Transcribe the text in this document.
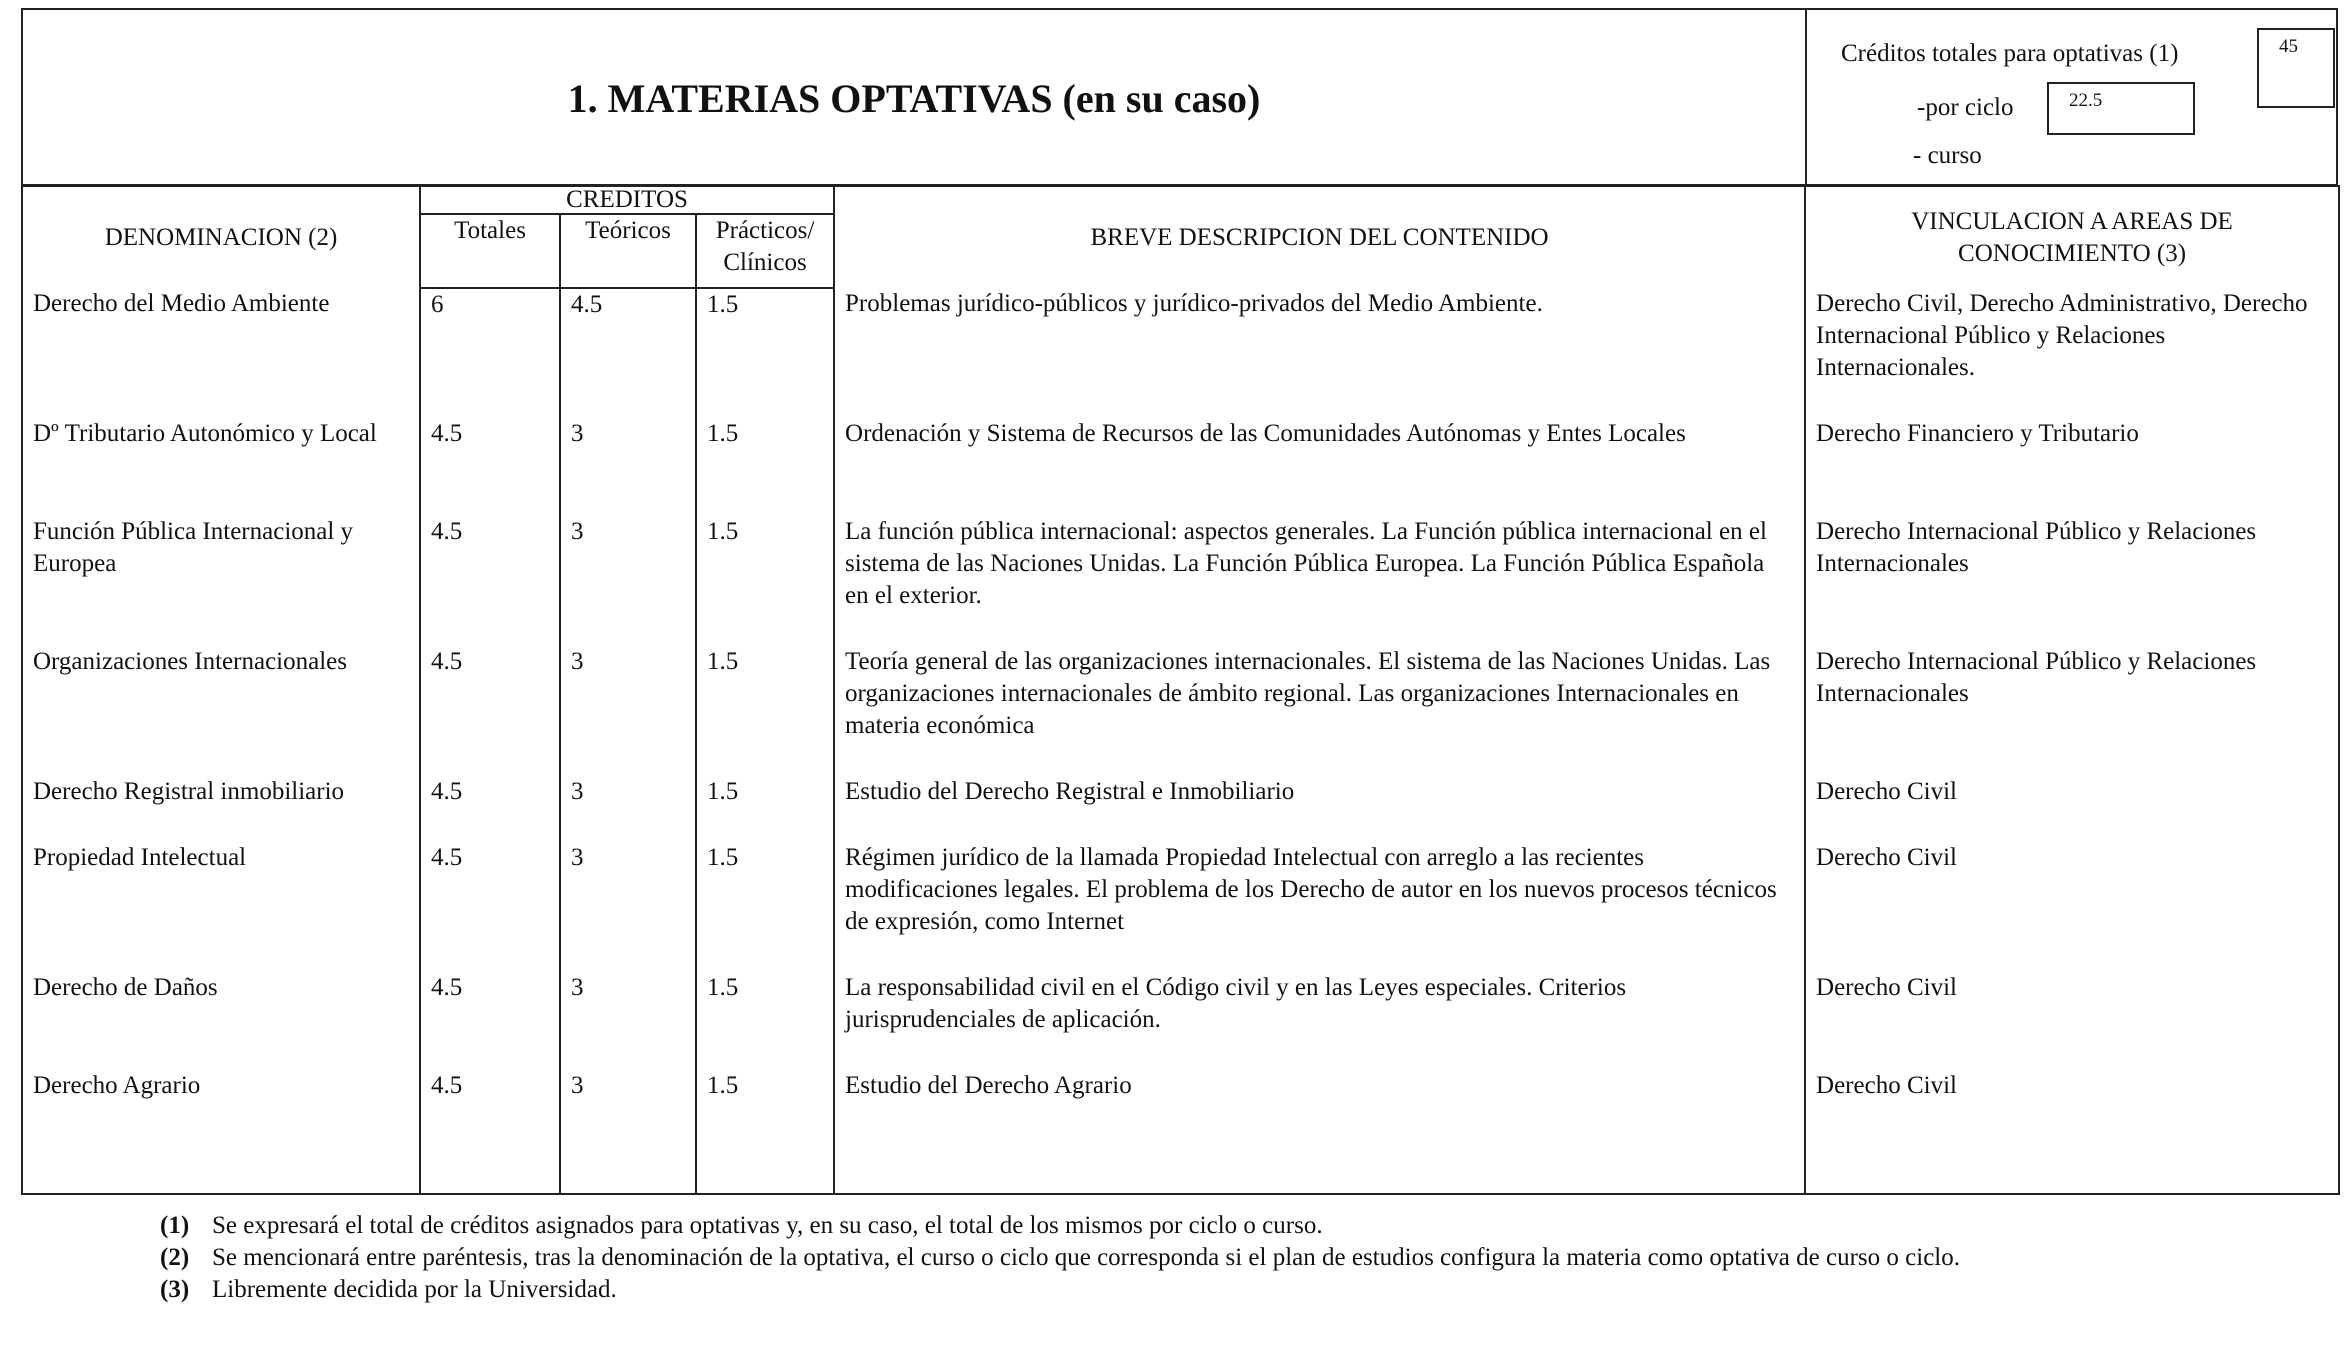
1. MATERIAS OPTATIVAS (en su caso)
Créditos totales para optativas (1)	45
-por ciclo	22.5
- curso
DENOMINACION (2)	CREDITOS			BREVE DESCRIPCION DEL CONTENIDO	VINCULACION A AREAS DE CONOCIMIENTO (3)
	Totales	Teóricos	Prácticos/ Clínicos		
Derecho del Medio Ambiente	6	4.5	1.5	Problemas jurídico-públicos y jurídico-privados del Medio Ambiente.	Derecho Civil, Derecho Administrativo, Derecho Internacional Público y Relaciones Internacionales.
Dº Tributario Autonómico y Local	4.5	3	1.5	Ordenación y Sistema de Recursos de las Comunidades Autónomas y Entes Locales	Derecho Financiero y Tributario
Función Pública Internacional y Europea	4.5	3	1.5	La función pública internacional: aspectos generales. La Función pública internacional en el sistema de las Naciones Unidas. La Función Pública Europea. La Función Pública Española en el exterior.	Derecho Internacional Público y Relaciones Internacionales
Organizaciones Internacionales	4.5	3	1.5	Teoría general de las organizaciones internacionales. El sistema de las Naciones Unidas. Las organizaciones internacionales de ámbito regional. Las organizaciones Internacionales en materia económica	Derecho Internacional Público y Relaciones Internacionales
Derecho Registral inmobiliario	4.5	3	1.5	Estudio del Derecho Registral e Inmobiliario	Derecho Civil
Propiedad Intelectual	4.5	3	1.5	Régimen jurídico de la llamada Propiedad Intelectual con arreglo a las recientes modificaciones legales. El problema de los Derecho de autor en los nuevos procesos técnicos de expresión, como Internet	Derecho Civil
Derecho de Daños	4.5	3	1.5	La responsabilidad civil en el Código civil y en las Leyes especiales. Criterios jurisprudenciales de aplicación.	Derecho Civil
Derecho Agrario	4.5	3	1.5	Estudio del Derecho Agrario	Derecho Civil
(1) Se expresará el total de créditos asignados para optativas y, en su caso, el total de los mismos por ciclo o curso.
(2) Se mencionará entre paréntesis, tras la denominación de la optativa, el curso o ciclo que corresponda si el plan de estudios configura la materia como optativa de curso o ciclo.
(3) Libremente decidida por la Universidad.
